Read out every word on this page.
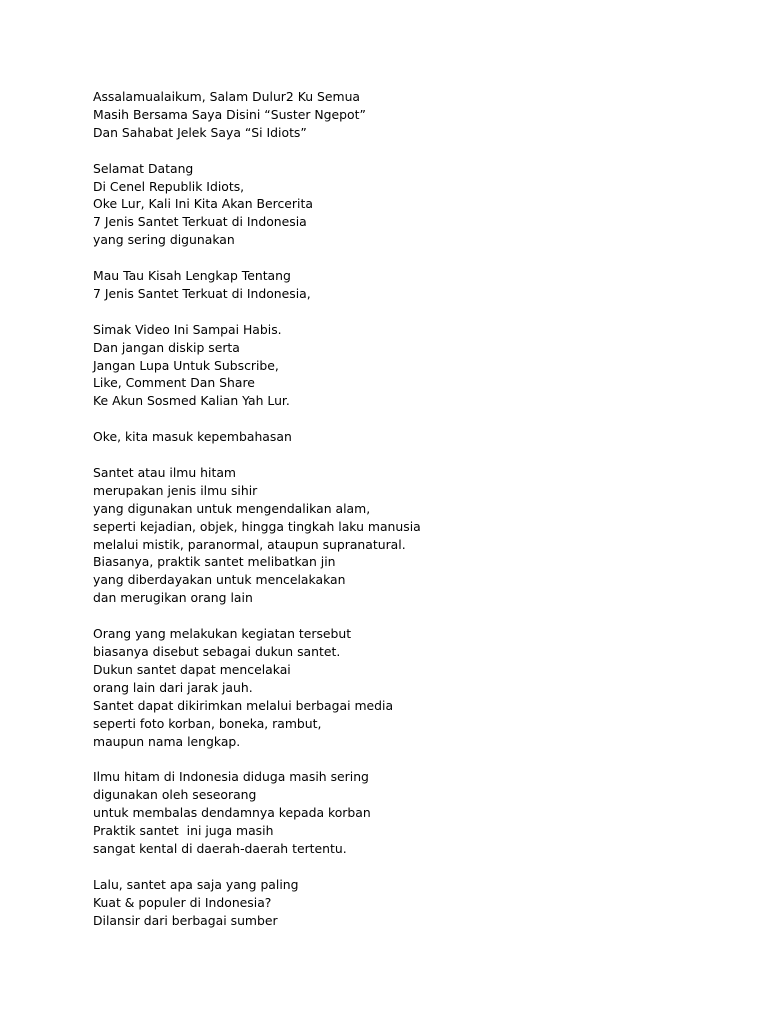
Assalamualaikum, Salam Dulur2 Ku Semua
Masih Bersama Saya Disini “Suster Ngepot”
Dan Sahabat Jelek Saya “Si Idiots”
Selamat Datang
Di Cenel Republik Idiots,
Oke Lur, Kali Ini Kita Akan Bercerita
7 Jenis Santet Terkuat di Indonesia
yang sering digunakan
Mau Tau Kisah Lengkap Tentang
7 Jenis Santet Terkuat di Indonesia,
Simak Video Ini Sampai Habis.
Dan jangan diskip serta
Jangan Lupa Untuk Subscribe,
Like, Comment Dan Share
Ke Akun Sosmed Kalian Yah Lur.
Oke, kita masuk kepembahasan
Santet atau ilmu hitam
merupakan jenis ilmu sihir
yang digunakan untuk mengendalikan alam,
seperti kejadian, objek, hingga tingkah laku manusia
melalui mistik, paranormal, ataupun supranatural.
Biasanya, praktik santet melibatkan jin
yang diberdayakan untuk mencelakakan
dan merugikan orang lain
Orang yang melakukan kegiatan tersebut
biasanya disebut sebagai dukun santet.
Dukun santet dapat mencelakai
orang lain dari jarak jauh.
Santet dapat dikirimkan melalui berbagai media
seperti foto korban, boneka, rambut,
maupun nama lengkap.
Ilmu hitam di Indonesia diduga masih sering
digunakan oleh seseorang
untuk membalas dendamnya kepada korban
Praktik santet  ini juga masih
sangat kental di daerah-daerah tertentu.
Lalu, santet apa saja yang paling
Kuat & populer di Indonesia?
Dilansir dari berbagai sumber
